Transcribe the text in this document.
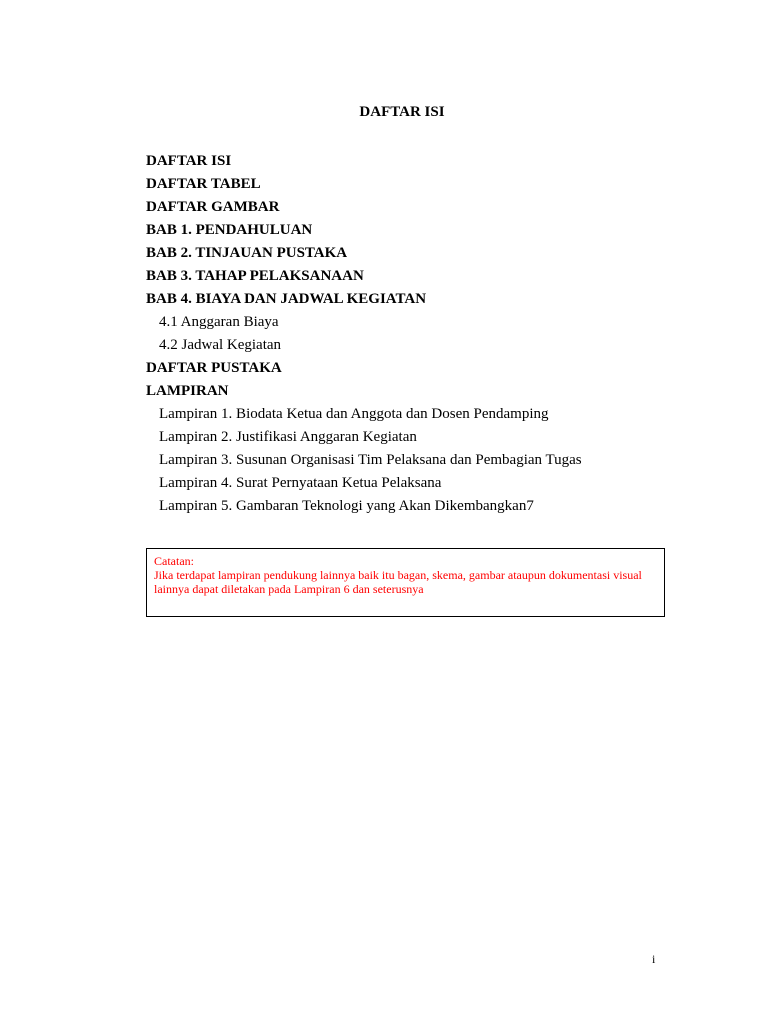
DAFTAR ISI
DAFTAR ISI
DAFTAR TABEL
DAFTAR GAMBAR
BAB 1. PENDAHULUAN
BAB 2. TINJAUAN PUSTAKA
BAB 3. TAHAP PELAKSANAAN
BAB 4. BIAYA DAN JADWAL KEGIATAN
4.1 Anggaran Biaya
4.2 Jadwal Kegiatan
DAFTAR PUSTAKA
LAMPIRAN
Lampiran 1. Biodata Ketua dan Anggota dan Dosen Pendamping
Lampiran 2. Justifikasi Anggaran Kegiatan
Lampiran 3. Susunan Organisasi Tim Pelaksana dan Pembagian Tugas
Lampiran 4. Surat Pernyataan Ketua Pelaksana
Lampiran 5. Gambaran Teknologi yang Akan Dikembangkan7
Catatan:
Jika terdapat lampiran pendukung lainnya baik itu bagan, skema, gambar ataupun dokumentasi visual lainnya dapat diletakan pada Lampiran 6 dan seterusnya
i
